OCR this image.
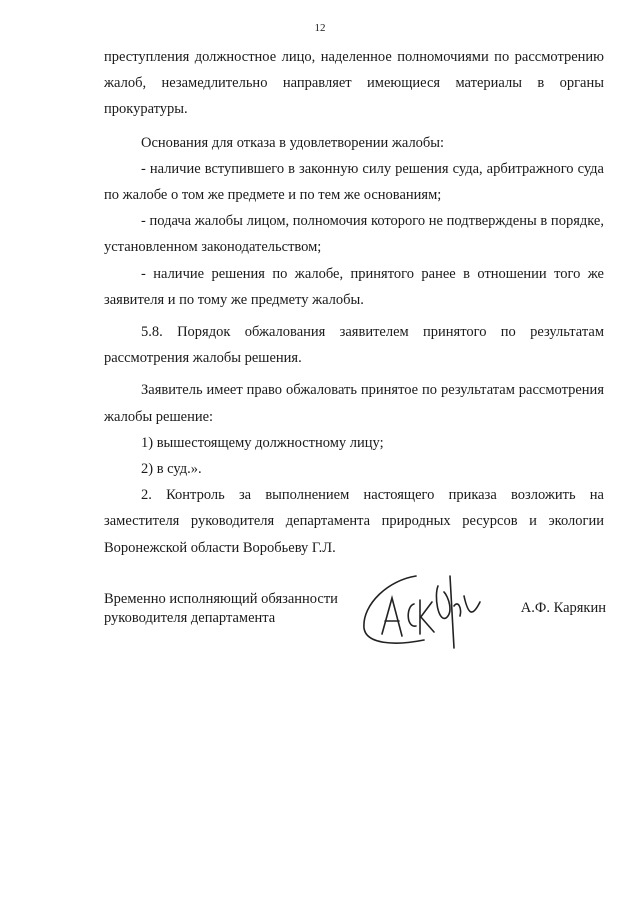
12

преступления должностное лицо, наделенное полномочиями по рассмотрению жалоб, незамедлительно направляет имеющиеся материалы в органы прокуратуры.

Основания для отказа в удовлетворении жалобы:

- наличие вступившего в законную силу решения суда, арбитражного суда по жалобе о том же предмете и по тем же основаниям;

- подача жалобы лицом, полномочия которого не подтверждены в порядке, установленном законодательством;

- наличие решения по жалобе, принятого ранее в отношении того же заявителя и по тому же предмету жалобы.

5.8. Порядок обжалования заявителем принятого по результатам рассмотрения жалобы решения.

Заявитель имеет право обжаловать принятое по результатам рассмотрения жалобы решение:

1) вышестоящему должностному лицу;

2) в суд.».

2. Контроль за выполнением настоящего приказа возложить на заместителя руководителя департамента природных ресурсов и экологии Воронежской области Воробьеву Г.Л.

Временно исполняющий обязанности
руководителя департамента
А.Ф. Карякин
